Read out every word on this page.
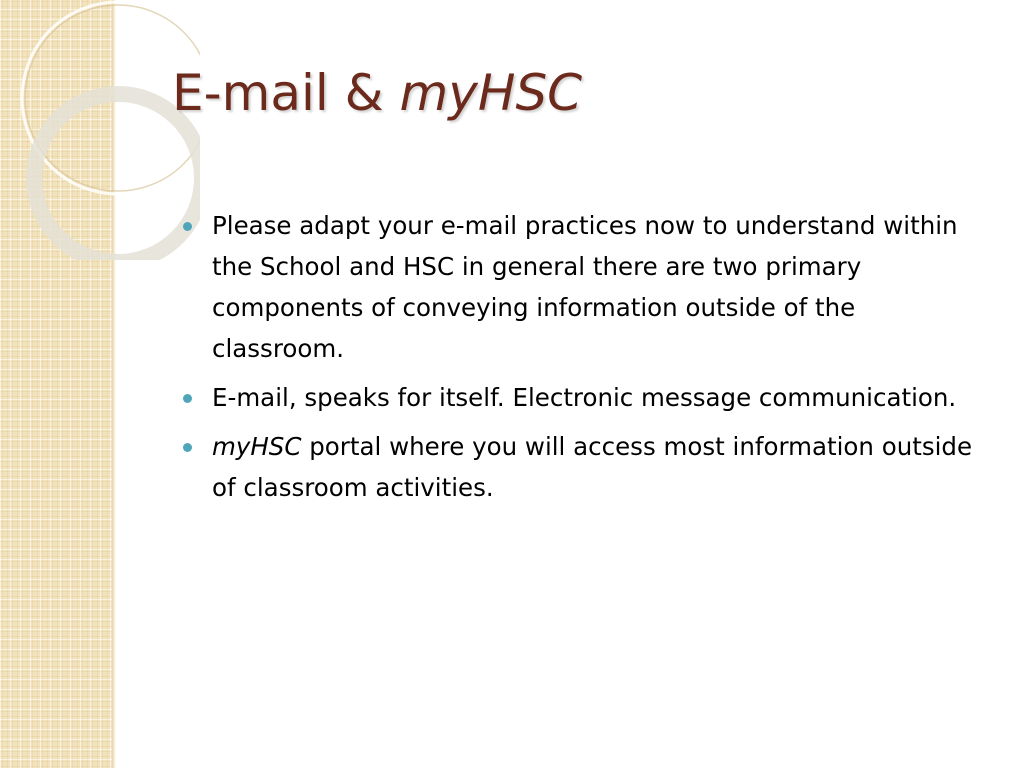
E-mail & myHSC
Please adapt your e-mail practices now to understand within the School and HSC in general there are two primary components of conveying information outside of the classroom.
E-mail, speaks for itself. Electronic message communication.
myHSC portal where you will access most information outside of classroom activities.
